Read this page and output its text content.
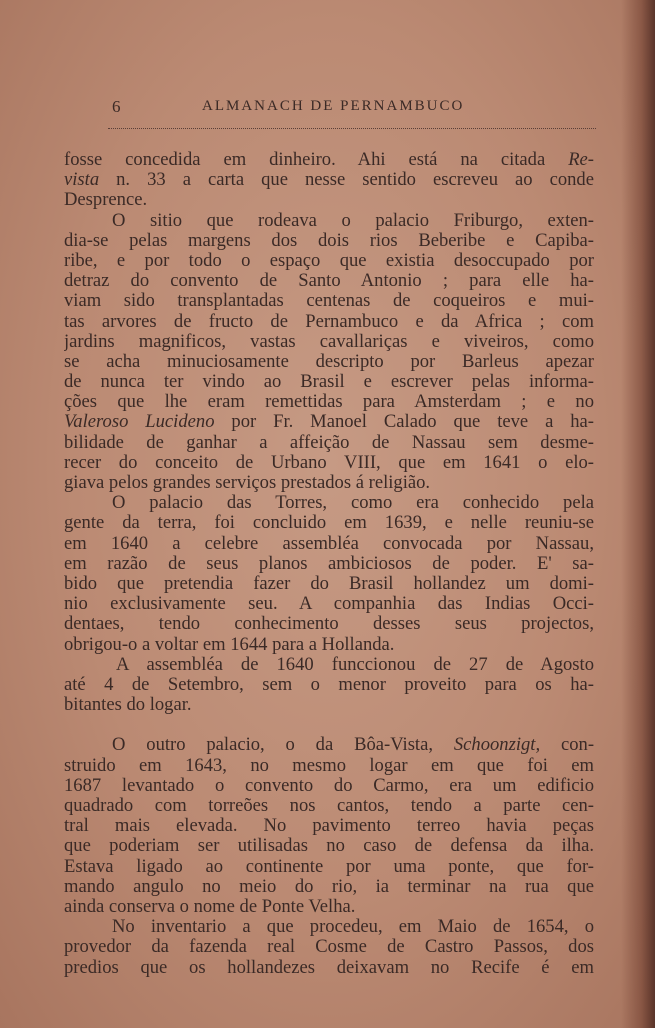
6	ALMANACH DE PERNAMBUCO
fosse concedida em dinheiro. Ahi está na citada Re-
vista n. 33 a carta que nesse sentido escreveu ao conde
Desprence.
O sitio que rodeava o palacio Friburgo, exten-
dia-se pelas margens dos dois rios Beberibe e Capiba-
ribe, e por todo o espaço que existia desoccupado por
detraz do convento de Santo Antonio ; para elle ha-
viam sido transplantadas centenas de coqueiros e mui-
tas arvores de fructo de Pernambuco e da Africa ; com
jardins magnificos, vastas cavallariças e viveiros, como
se acha minuciosamente descripto por Barleus apezar
de nunca ter vindo ao Brasil e escrever pelas informa-
ções que lhe eram remettidas para Amsterdam ; e no
Valeroso Lucideno por Fr. Manoel Calado que teve a ha-
bilidade de ganhar a affeição de Nassau sem desme-
recer do conceito de Urbano VIII, que em 1641 o elo-
giava pelos grandes serviços prestados á religião.
O palacio das Torres, como era conhecido pela
gente da terra, foi concluido em 1639, e nelle reuniu-se
em 1640 a celebre assembléa convocada por Nassau,
em razão de seus planos ambiciosos de poder. E' sa-
bido que pretendia fazer do Brasil hollandez um domi-
nio exclusivamente seu. A companhia das Indias Occi-
dentaes, tendo conhecimento desses seus projectos,
obrigou-o a voltar em 1644 para a Hollanda.
A assembléa de 1640 funccionou de 27 de Agosto
até 4 de Setembro, sem o menor proveito para os ha-
bitantes do logar.

O outro palacio, o da Bôa-Vista, Schoonzigt, con-
struido em 1643, no mesmo logar em que foi em
1687 levantado o convento do Carmo, era um edificio
quadrado com torreões nos cantos, tendo a parte cen-
tral mais elevada. No pavimento terreo havia peças
que poderiam ser utilisadas no caso de defensa da ilha.
Estava ligado ao continente por uma ponte, que for-
mando angulo no meio do rio, ia terminar na rua que
ainda conserva o nome de Ponte Velha.
No inventario a que procedeu, em Maio de 1654, o
provedor da fazenda real Cosme de Castro Passos, dos
predios que os hollandezes deixavam no Recife é em
